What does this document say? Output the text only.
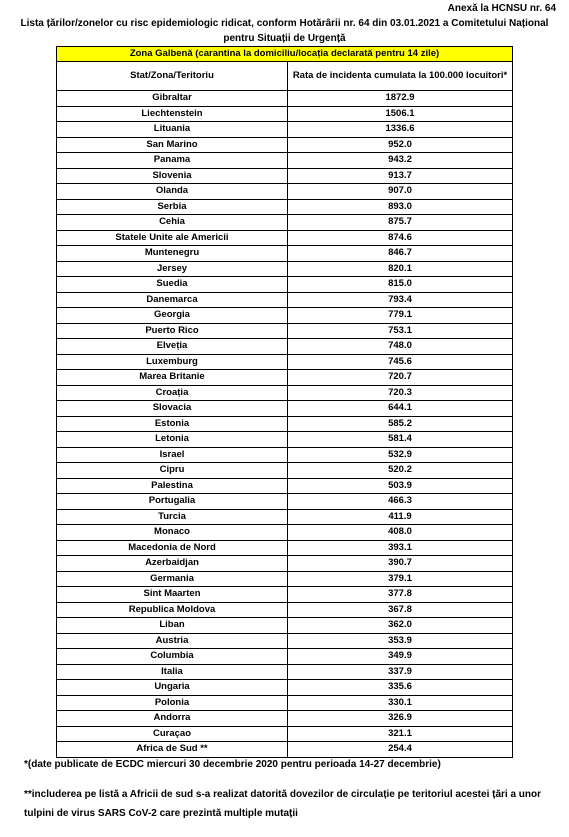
Anexă la HCNSU nr. 64
Lista țărilor/zonelor cu risc epidemiologic ridicat, conform Hotărârii nr. 64 din 03.01.2021 a Comitetului Național pentru Situații de Urgență
Zona Galbenă (carantina la domiciliu/locația declarată pentru 14 zile)	
Stat/Zona/Teritoriu	Rata de incidenta cumulata la 100.000 locuitori*
Gibraltar	1872.9
Liechtenstein	1506.1
Lituania	1336.6
San Marino	952.0
Panama	943.2
Slovenia	913.7
Olanda	907.0
Serbia	893.0
Cehia	875.7
Statele Unite ale Americii	874.6
Muntenegru	846.7
Jersey	820.1
Suedia	815.0
Danemarca	793.4
Georgia	779.1
Puerto Rico	753.1
Elveția	748.0
Luxemburg	745.6
Marea Britanie	720.7
Croația	720.3
Slovacia	644.1
Estonia	585.2
Letonia	581.4
Israel	532.9
Cipru	520.2
Palestina	503.9
Portugalia	466.3
Turcia	411.9
Monaco	408.0
Macedonia de Nord	393.1
Azerbaidjan	390.7
Germania	379.1
Sint Maarten	377.8
Republica Moldova	367.8
Liban	362.0
Austria	353.9
Columbia	349.9
Italia	337.9
Ungaria	335.6
Polonia	330.1
Andorra	326.9
Curaçao	321.1
Africa de Sud **	254.4
*(date publicate de ECDC miercuri 30 decembrie 2020 pentru perioada 14-27 decembrie)
**includerea pe listă a Africii de sud s-a realizat datorită dovezilor de circulație pe teritoriul acestei țări a unor tulpini de virus SARS CoV-2 care prezintă multiple mutații
